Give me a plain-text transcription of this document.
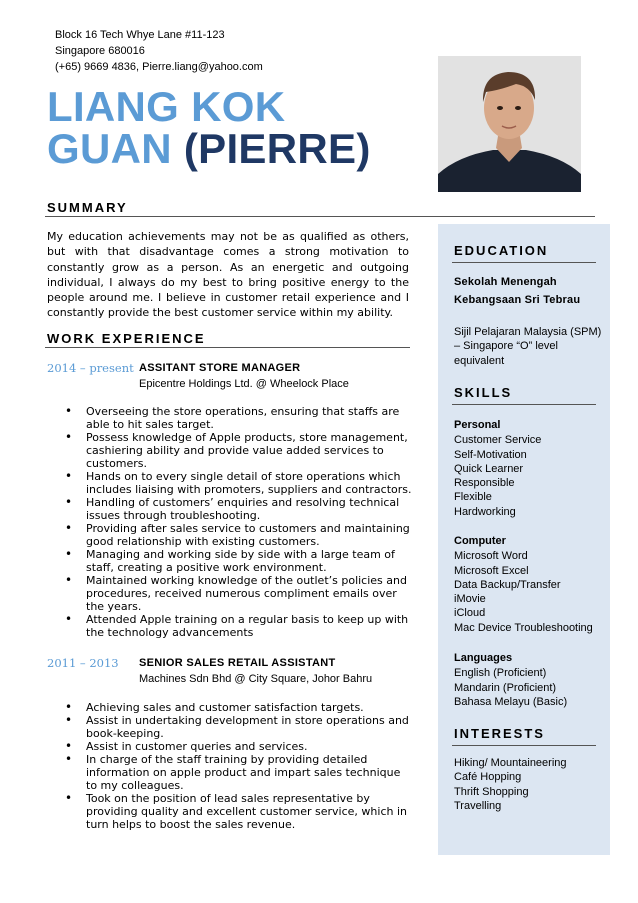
Block 16 Tech Whye Lane #11-123
Singapore 680016
(+65) 9669 4836, Pierre.liang@yahoo.com
LIANG KOK
GUAN (PIERRE)
SUMMARY
My education achievements may not be as qualified as others, but with that disadvantage comes a strong motivation to constantly grow as a person. As an energetic and outgoing individual, I always do my best to bring positive energy to the people around me. I believe in customer retail experience and I constantly provide the best customer service within my ability.
WORK EXPERIENCE
2014 – present ASSITANT STORE MANAGER
Epicentre Holdings Ltd. @ Wheelock Place
• Overseeing the store operations, ensuring that staffs are able to hit sales target.
• Possess knowledge of Apple products, store management, cashiering ability and provide value added services to customers.
• Hands on to every single detail of store operations which includes liaising with promoters, suppliers and contractors.
• Handling of customers’ enquiries and resolving technical issues through troubleshooting.
• Providing after sales service to customers and maintaining good relationship with existing customers.
• Managing and working side by side with a large team of staff, creating a positive work environment.
• Maintained working knowledge of the outlet’s policies and procedures, received numerous compliment emails over the years.
• Attended Apple training on a regular basis to keep up with the technology advancements
2011 – 2013 SENIOR SALES RETAIL ASSISTANT
Machines Sdn Bhd @ City Square, Johor Bahru
• Achieving sales and customer satisfaction targets.
• Assist in undertaking development in store operations and book-keeping.
• Assist in customer queries and services.
• In charge of the staff training by providing detailed information on apple product and impart sales technique to my colleagues.
• Took on the position of lead sales representative by providing quality and excellent customer service, which in turn helps to boost the sales revenue.
EDUCATION
Sekolah Menengah
Kebangsaan Sri Tebrau
Sijil Pelajaran Malaysia (SPM) – Singapore “O” level equivalent
SKILLS
Personal
Customer Service
Self-Motivation
Quick Learner
Responsible
Flexible
Hardworking
Computer
Microsoft Word
Microsoft Excel
Data Backup/Transfer
iMovie
iCloud
Mac Device Troubleshooting
Languages
English (Proficient)
Mandarin (Proficient)
Bahasa Melayu (Basic)
INTERESTS
Hiking/ Mountaineering
Café Hopping
Thrift Shopping
Travelling
